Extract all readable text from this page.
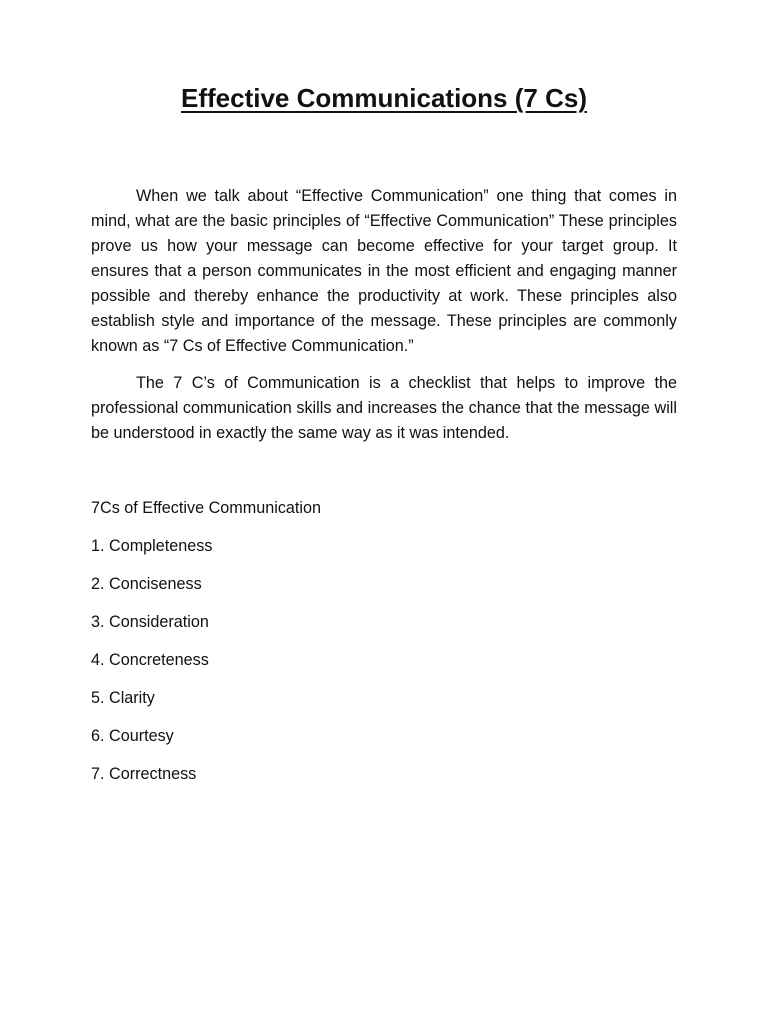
Effective Communications (7 Cs)

When we talk about “Effective Communication” one thing that comes in mind, what are the basic principles of “Effective Communication” These principles prove us how your message can become effective for your target group. It ensures that a person communicates in the most efficient and engaging manner possible and thereby enhance the productivity at work. These principles also establish style and importance of the message. These principles are commonly known as “7 Cs of Effective Communication.”

The 7 C’s of Communication is a checklist that helps to improve the professional communication skills and increases the chance that the message will be understood in exactly the same way as it was intended.

7Cs of Effective Communication

1. Completeness
2. Conciseness
3. Consideration
4. Concreteness
5. Clarity
6. Courtesy
7. Correctness
